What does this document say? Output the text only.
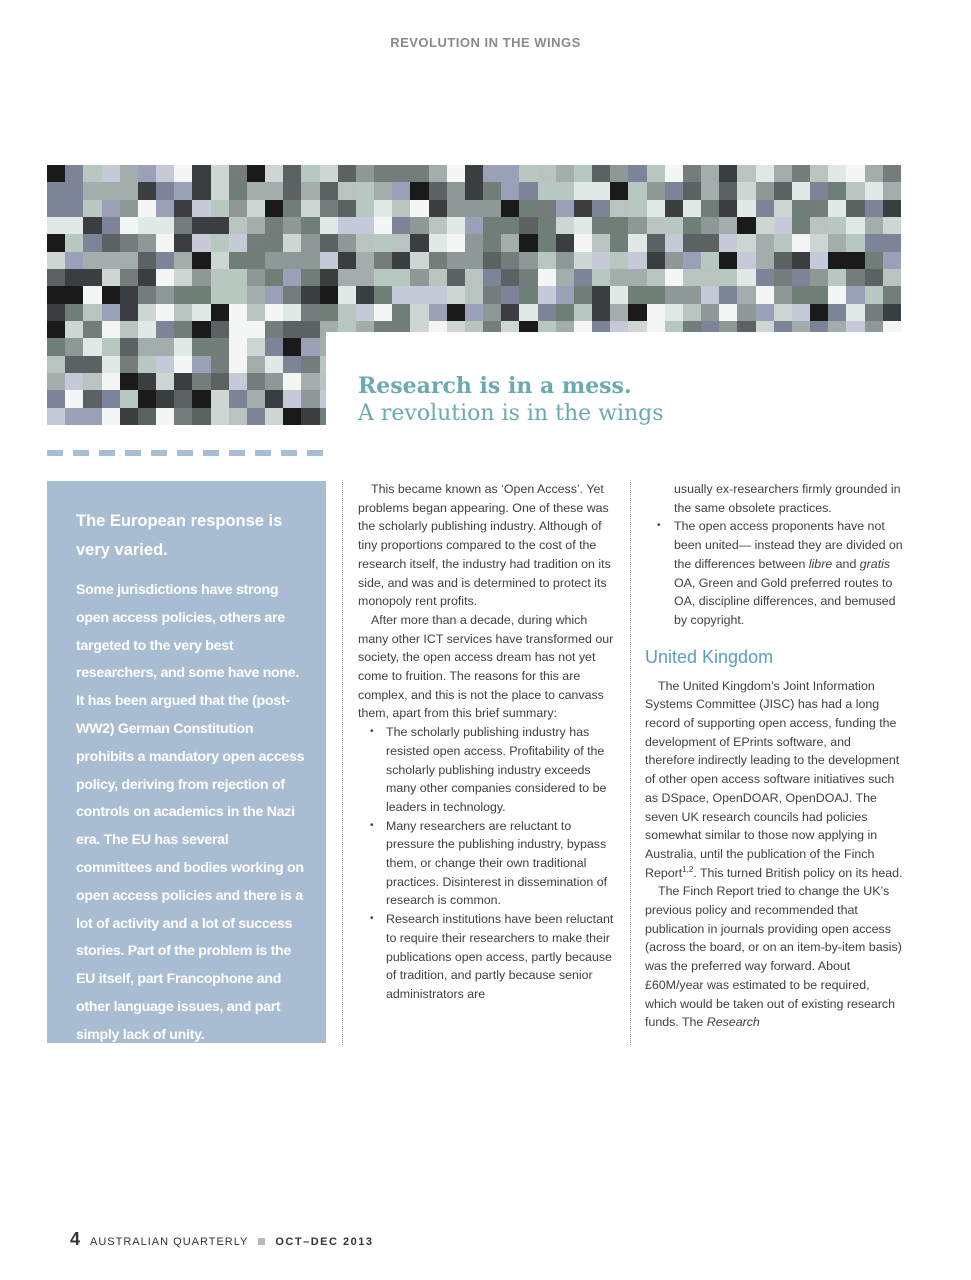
REVOLUTION IN THE WINGS
Research is in a mess.
A revolution is in the wings

The European response is very varied.

Some jurisdictions have strong open access policies, others are targeted to the very best researchers, and some have none. It has been argued that the (post-WW2) German Constitution prohibits a mandatory open access policy, deriving from rejection of controls on academics in the Nazi era. The EU has several committees and bodies working on open access policies and there is a lot of activity and a lot of success stories. Part of the problem is the EU itself, part Francophone and other language issues, and part simply lack of unity.

This became known as ‘Open Access’. Yet problems began appearing. One of these was the scholarly publishing industry. Although of tiny proportions compared to the cost of the research itself, the industry had tradition on its side, and was and is determined to protect its monopoly rent profits.

After more than a decade, during which many other ICT services have transformed our society, the open access dream has not yet come to fruition. The reasons for this are complex, and this is not the place to canvass them, apart from this brief summary:

• The scholarly publishing industry has resisted open access. Profitability of the scholarly publishing industry exceeds many other companies considered to be leaders in technology.
• Many researchers are reluctant to pressure the publishing industry, bypass them, or change their own traditional practices. Disinterest in dissemination of research is common.
• Research institutions have been reluctant to require their researchers to make their publications open access, partly because of tradition, and partly because senior administrators are
usually ex-researchers firmly grounded in the same obsolete practices.
• The open access proponents have not been united— instead they are divided on the differences between libre and gratis OA, Green and Gold preferred routes to OA, discipline differences, and bemused by copyright.
United Kingdom

The United Kingdom’s Joint Information Systems Committee (JISC) has had a long record of supporting open access, funding the development of EPrints software, and therefore indirectly leading to the development of other open access software initiatives such as DSpace, OpenDOAR, OpenDOAJ. The seven UK research councils had policies somewhat similar to those now applying in Australia, until the publication of the Finch Report$^{1,2}$. This turned British policy on its head.

The Finch Report tried to change the UK’s previous policy and recommended that publication in journals providing open access (across the board, or on an item-by-item basis) was the preferred way forward. About £60M/year was estimated to be required, which would be taken out of existing research funds. The Research

4 AUSTRALIAN QUARTERLY OCT–DEC 2013
